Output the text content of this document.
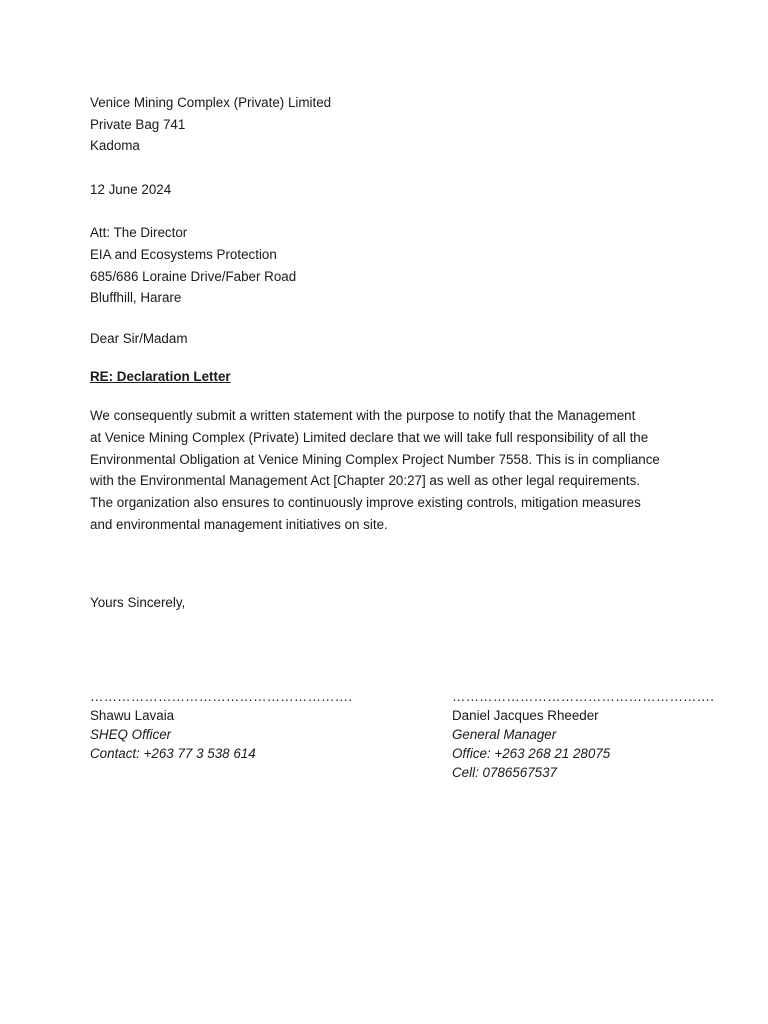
Venice Mining Complex (Private) Limited
Private Bag 741
Kadoma
12 June 2024
Att: The Director
EIA and Ecosystems Protection
685/686 Loraine Drive/Faber Road
Bluffhill, Harare
Dear Sir/Madam
RE: Declaration Letter
We consequently submit a written statement with the purpose to notify that the Management
at Venice Mining Complex (Private) Limited declare that we will take full responsibility of all the
Environmental Obligation at Venice Mining Complex Project Number 7558. This is in compliance
with the Environmental Management Act [Chapter 20:27] as well as other legal requirements.
The organization also ensures to continuously improve existing controls, mitigation measures
and environmental management initiatives on site.
Yours Sincerely,
………………………………………………….
Shawu Lavaia
SHEQ Officer
Contact: +263 77 3 538 614
………………………………………………….
Daniel Jacques Rheeder
General Manager
Office: +263 268 21 28075
Cell: 0786567537
